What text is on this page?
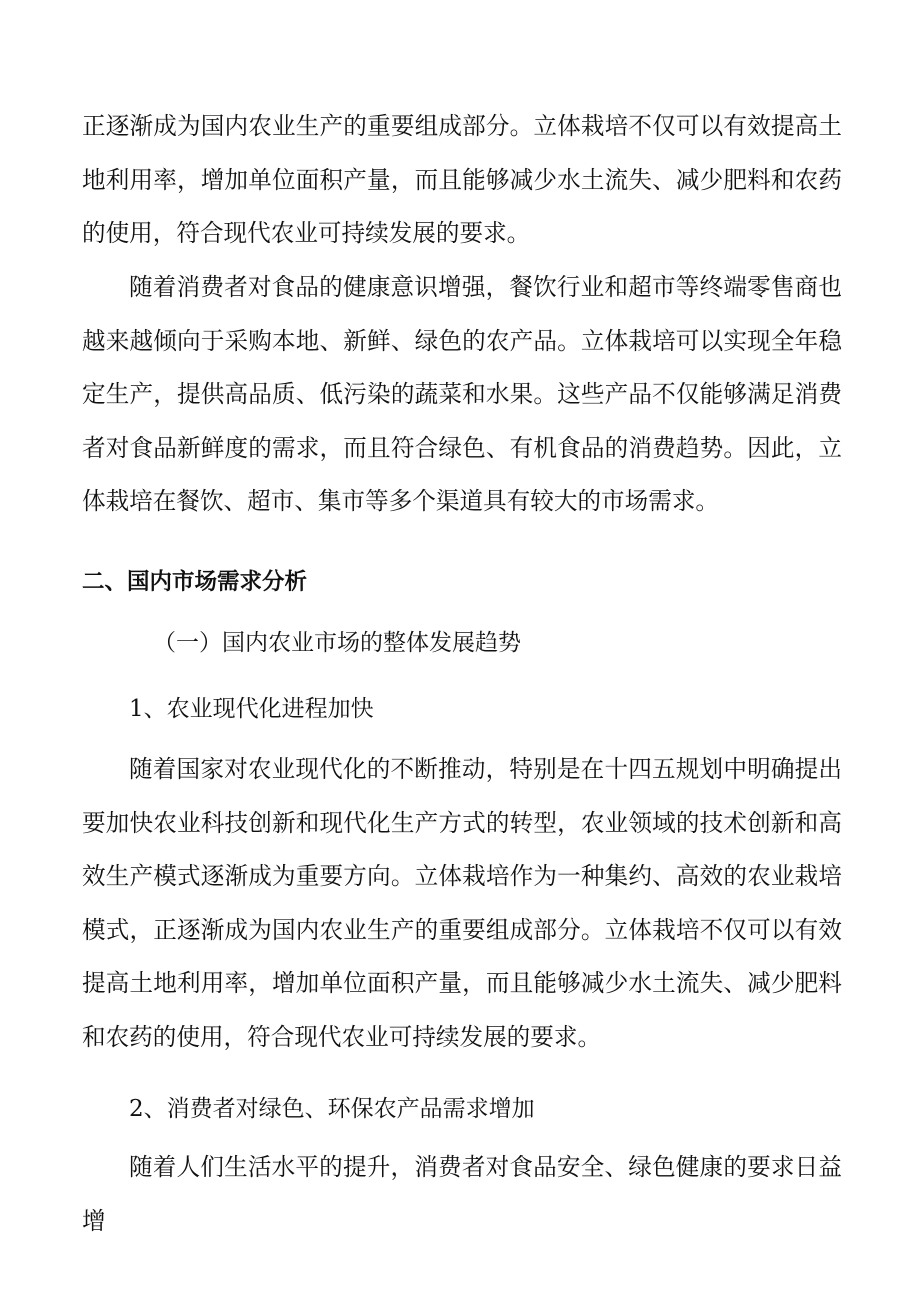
正逐渐成为国内农业生产的重要组成部分。立体栽培不仅可以有效提高土地利用率，增加单位面积产量，而且能够减少水土流失、减少肥料和农药的使用，符合现代农业可持续发展的要求。

随着消费者对食品的健康意识增强，餐饮行业和超市等终端零售商也越来越倾向于采购本地、新鲜、绿色的农产品。立体栽培可以实现全年稳定生产，提供高品质、低污染的蔬菜和水果。这些产品不仅能够满足消费者对食品新鲜度的需求，而且符合绿色、有机食品的消费趋势。因此，立体栽培在餐饮、超市、集市等多个渠道具有较大的市场需求。

二、国内市场需求分析
（一）国内农业市场的整体发展趋势
1、农业现代化进程加快

随着国家对农业现代化的不断推动，特别是在十四五规划中明确提出要加快农业科技创新和现代化生产方式的转型，农业领域的技术创新和高效生产模式逐渐成为重要方向。立体栽培作为一种集约、高效的农业栽培模式，正逐渐成为国内农业生产的重要组成部分。立体栽培不仅可以有效提高土地利用率，增加单位面积产量，而且能够减少水土流失、减少肥料和农药的使用，符合现代农业可持续发展的要求。

2、消费者对绿色、环保农产品需求增加

随着人们生活水平的提升，消费者对食品安全、绿色健康的要求日益增
